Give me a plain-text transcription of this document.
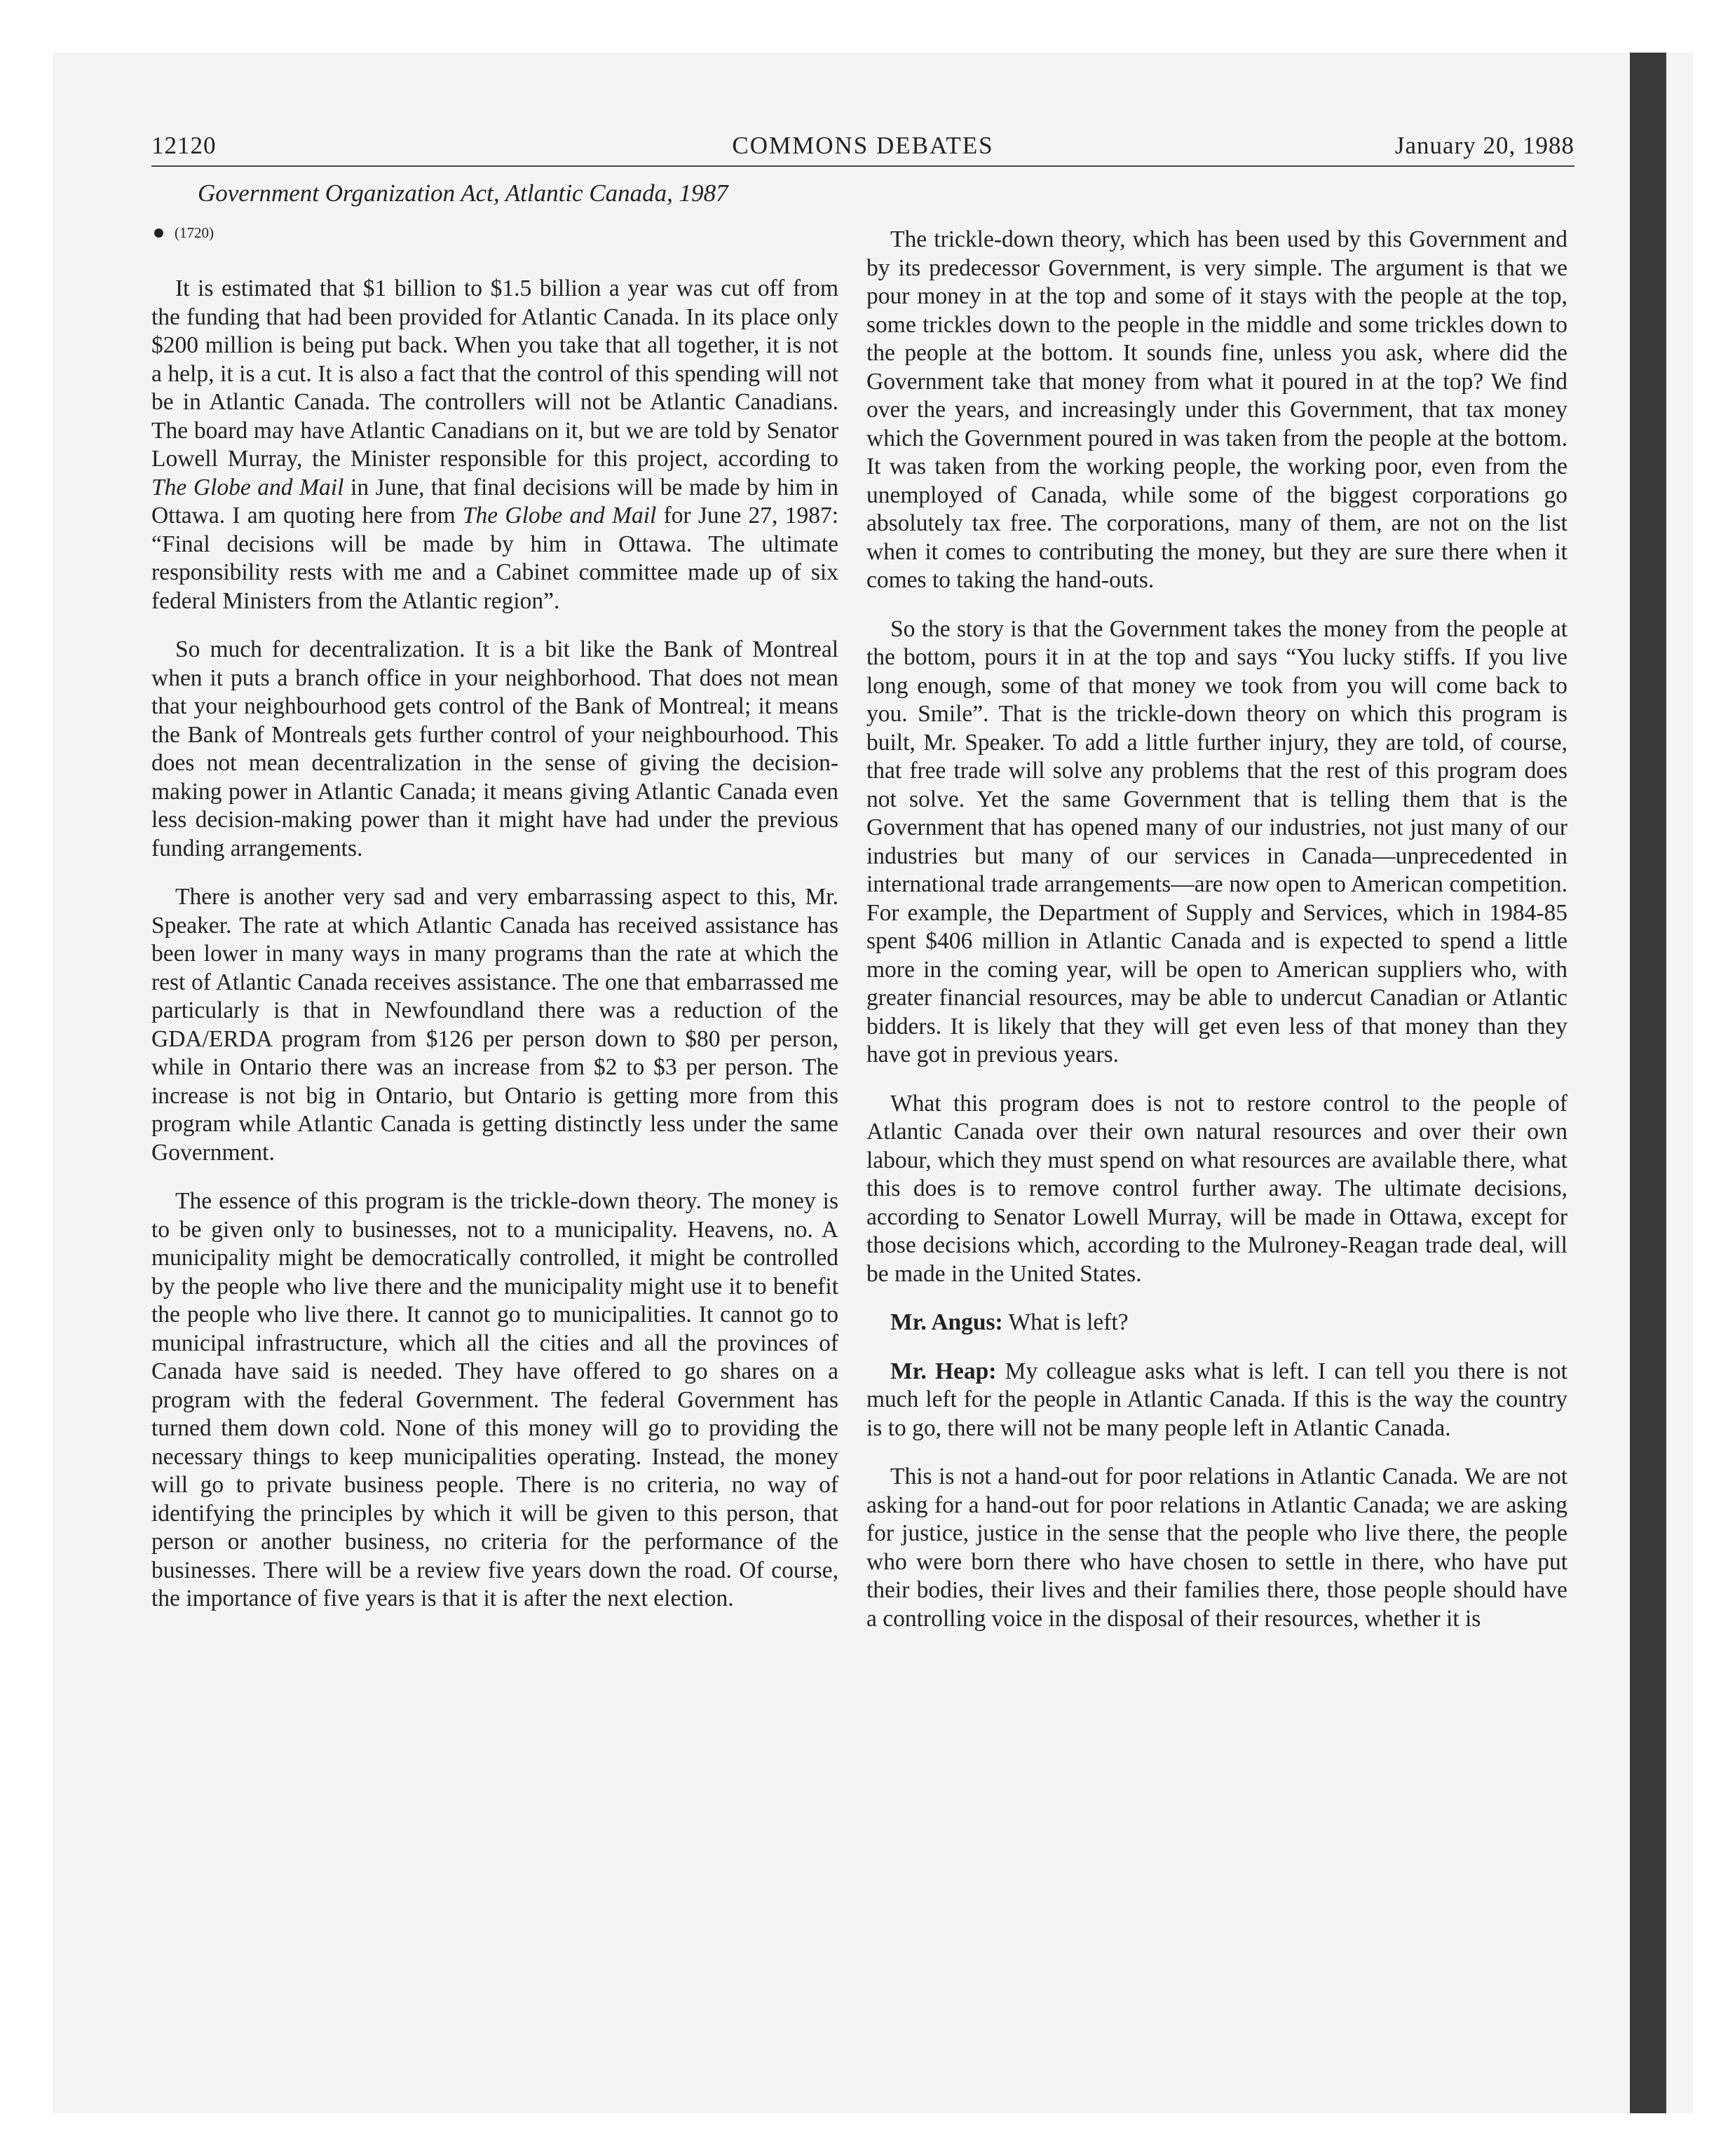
12120	COMMONS DEBATES	January 20, 1988
Government Organization Act, Atlantic Canada, 1987
(1720)

It is estimated that $1 billion to $1.5 billion a year was cut off from the funding that had been provided for Atlantic Canada. In its place only $200 million is being put back. When you take that all together, it is not a help, it is a cut. It is also a fact that the control of this spending will not be in Atlantic Canada. The controllers will not be Atlantic Canadians. The board may have Atlantic Canadians on it, but we are told by Senator Lowell Murray, the Minister responsible for this project, according to The Globe and Mail in June, that final decisions will be made by him in Ottawa. I am quoting here from The Globe and Mail for June 27, 1987: “Final decisions will be made by him in Ottawa. The ultimate responsibility rests with me and a Cabinet committee made up of six federal Ministers from the Atlantic region”.

So much for decentralization. It is a bit like the Bank of Montreal when it puts a branch office in your neighborhood. That does not mean that your neighbourhood gets control of the Bank of Montreal; it means the Bank of Montreals gets further control of your neighbourhood. This does not mean decentralization in the sense of giving the decision-making power in Atlantic Canada; it means giving Atlantic Canada even less decision-making power than it might have had under the previous funding arrangements.

There is another very sad and very embarrassing aspect to this, Mr. Speaker. The rate at which Atlantic Canada has received assistance has been lower in many ways in many programs than the rate at which the rest of Atlantic Canada receives assistance. The one that embarrassed me particularly is that in Newfoundland there was a reduction of the GDA/ERDA program from $126 per person down to $80 per person, while in Ontario there was an increase from $2 to $3 per person. The increase is not big in Ontario, but Ontario is getting more from this program while Atlantic Canada is getting distinctly less under the same Government.

The essence of this program is the trickle-down theory. The money is to be given only to businesses, not to a municipality. Heavens, no. A municipality might be democratically controlled, it might be controlled by the people who live there and the municipality might use it to benefit the people who live there. It cannot go to municipalities. It cannot go to municipal infrastructure, which all the cities and all the provinces of Canada have said is needed. They have offered to go shares on a program with the federal Government. The federal Government has turned them down cold. None of this money will go to providing the necessary things to keep municipalities operating. Instead, the money will go to private business people. There is no criteria, no way of identifying the principles by which it will be given to this person, that person or another business, no criteria for the performance of the businesses. There will be a review five years down the road. Of course, the importance of five years is that it is after the next election.

The trickle-down theory, which has been used by this Government and by its predecessor Government, is very simple. The argument is that we pour money in at the top and some of it stays with the people at the top, some trickles down to the people in the middle and some trickles down to the people at the bottom. It sounds fine, unless you ask, where did the Government take that money from what it poured in at the top? We find over the years, and increasingly under this Government, that tax money which the Government poured in was taken from the people at the bottom. It was taken from the working people, the working poor, even from the unemployed of Canada, while some of the biggest corporations go absolutely tax free. The corporations, many of them, are not on the list when it comes to contributing the money, but they are sure there when it comes to taking the hand-outs.

So the story is that the Government takes the money from the people at the bottom, pours it in at the top and says “You lucky stiffs. If you live long enough, some of that money we took from you will come back to you. Smile”. That is the trickle-down theory on which this program is built, Mr. Speaker. To add a little further injury, they are told, of course, that free trade will solve any problems that the rest of this program does not solve. Yet the same Government that is telling them that is the Government that has opened many of our industries, not just many of our industries but many of our services in Canada—unprecedented in international trade arrangements—are now open to American competition. For example, the Department of Supply and Services, which in 1984-85 spent $406 million in Atlantic Canada and is expected to spend a little more in the coming year, will be open to American suppliers who, with greater financial resources, may be able to undercut Canadian or Atlantic bidders. It is likely that they will get even less of that money than they have got in previous years.

What this program does is not to restore control to the people of Atlantic Canada over their own natural resources and over their own labour, which they must spend on what resources are available there, what this does is to remove control further away. The ultimate decisions, according to Senator Lowell Murray, will be made in Ottawa, except for those decisions which, according to the Mulroney-Reagan trade deal, will be made in the United States.

Mr. Angus: What is left?

Mr. Heap: My colleague asks what is left. I can tell you there is not much left for the people in Atlantic Canada. If this is the way the country is to go, there will not be many people left in Atlantic Canada.

This is not a hand-out for poor relations in Atlantic Canada. We are not asking for a hand-out for poor relations in Atlantic Canada; we are asking for justice, justice in the sense that the people who live there, the people who were born there who have chosen to settle in there, who have put their bodies, their lives and their families there, those people should have a controlling voice in the disposal of their resources, whether it is
